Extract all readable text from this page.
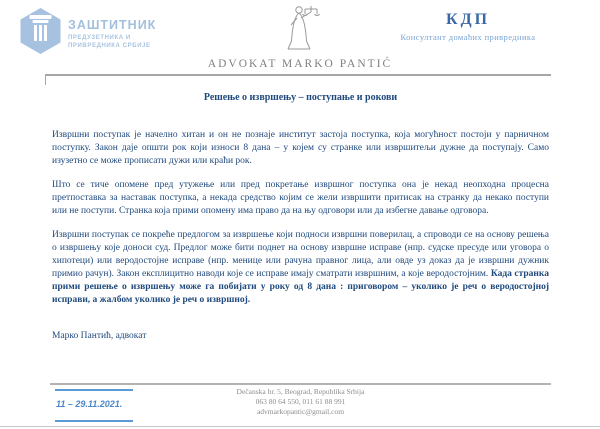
ЗАШТИТНИК
ПРЕДУЗЕТНИКА И
ПРИВРЕДНИКА СРБИЈЕ
ADVOKAT MARKO PANTIĆ
КДП
Консултант домаћих привредника
Решење о извршењу – поступање и рокови

Извршни поступак је начелно хитан и он не познаје институт застоја поступка, која могућност постоји у парничном поступку. Закон даје општи рок који износи 8 дана – у којем су странке или извршитељи дужне да поступају. Само изузетно се може прописати дужи или краћи рок.

Што се тиче опомене пред утужење или пред покретање извршног поступка она је некад неопходна процесна претпоставка за наставак поступка, а некада средство којим се жели извршити притисак на странку да некако поступи или не поступи. Странка која прими опомену има право да на њу одговори или да избегне давање одговора.

Извршни поступак се покреће предлогом за извршење који подноси извршни поверилац, а спроводи се на основу решења о извршењу које доноси суд. Предлог може бити поднет на основу извршне исправе (нпр. судске пресуде или уговора о хипотеци) или веродостојне исправе (нпр. менице или рачуна правног лица, али овде уз доказ да је извршни дужник примио рачун). Закон експлицитно наводи које се исправе имају сматрати извршним, а које веродостојним. Када странка прими решење о извршењу може га побијати у року од 8 дана : приговором – уколико је реч о веродостојној исправи, а жалбом уколико је реч о извршној.

Марко Пантић, адвокат
11 – 29.11.2021.
Dečanska br. 5, Beograd, Republika Srbija
063 80 64 550, 011 61 88 991
advmarkopantic@gmail.com
